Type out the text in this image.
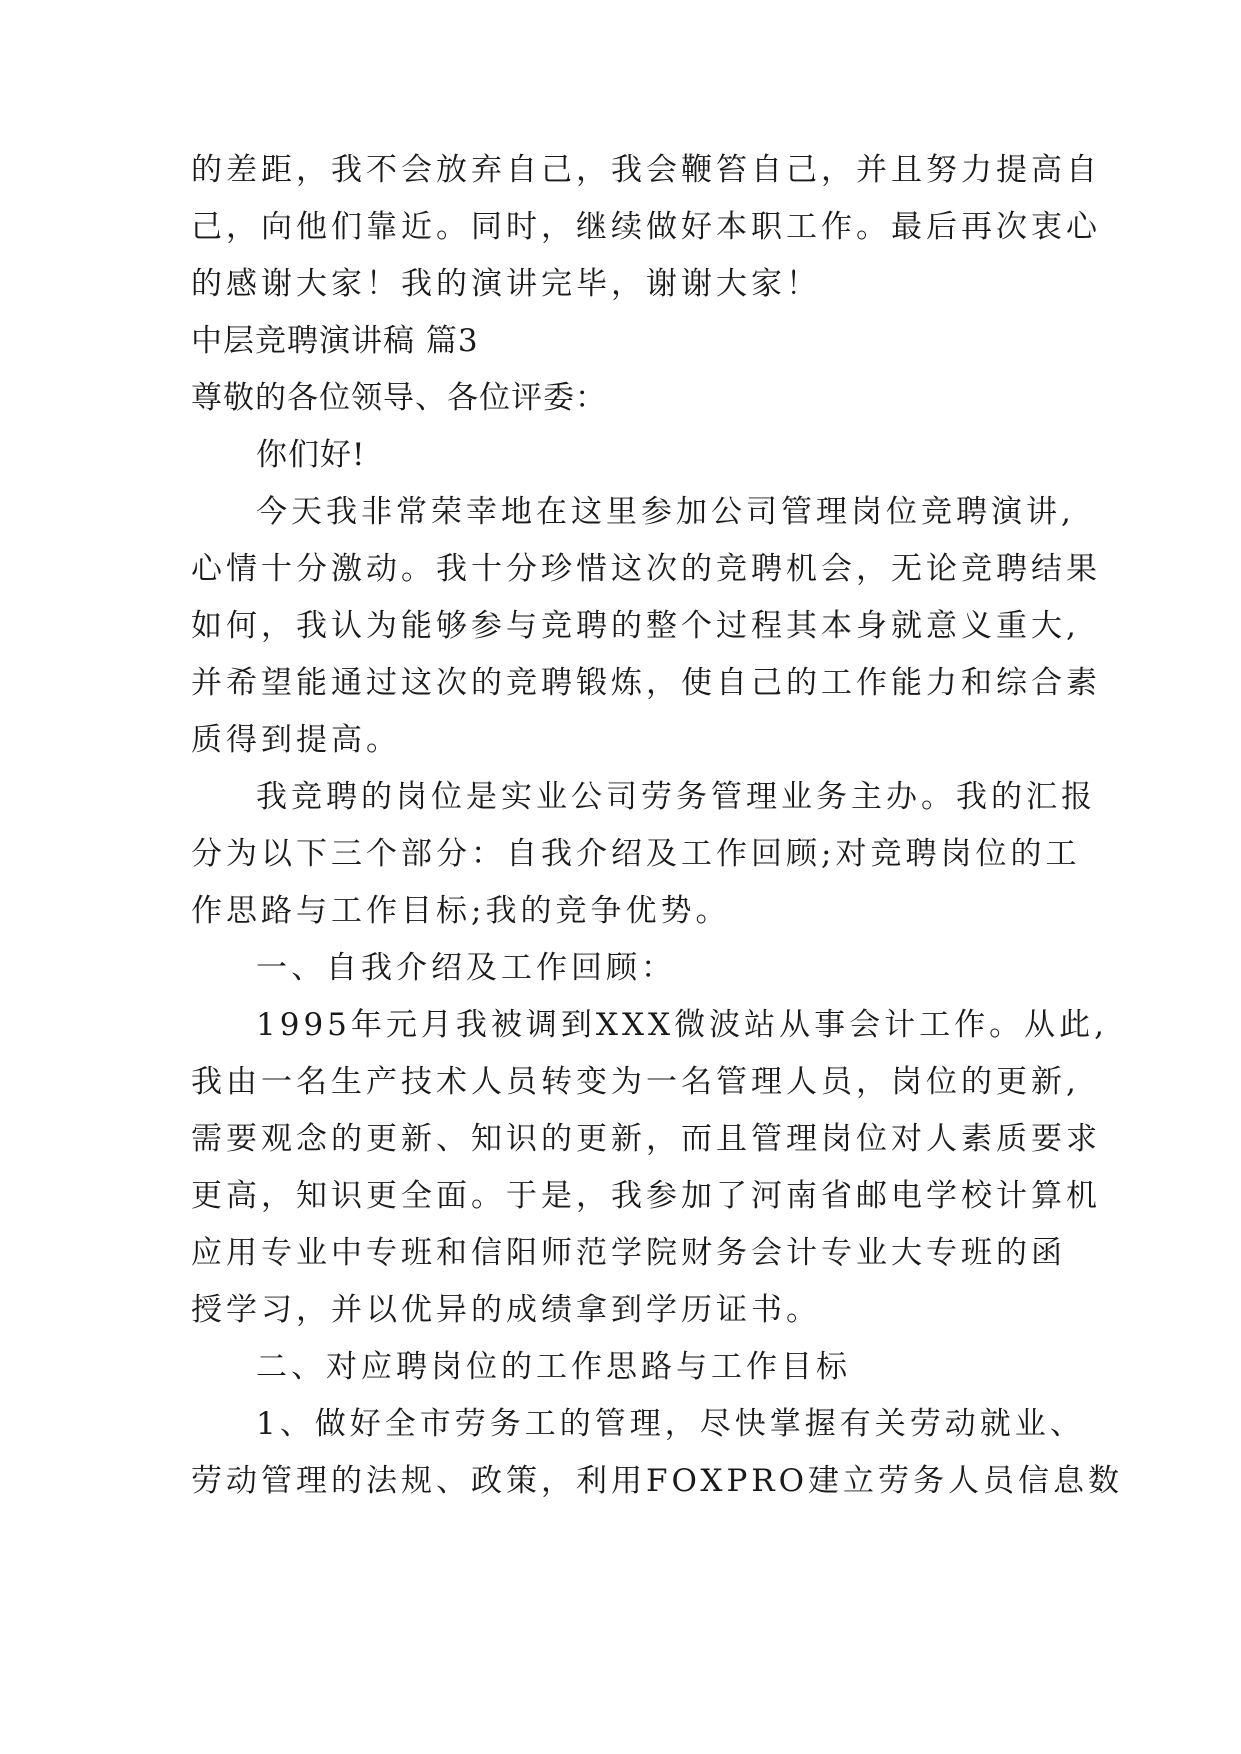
的差距，我不会放弃自己，我会鞭笞自己，并且努力提高自
己，向他们靠近。同时，继续做好本职工作。最后再次衷心
的感谢大家！我的演讲完毕，谢谢大家！
中层竞聘演讲稿 篇3
尊敬的各位领导、各位评委：
你们好!
今天我非常荣幸地在这里参加公司管理岗位竞聘演讲,
心情十分激动。我十分珍惜这次的竞聘机会，无论竞聘结果
如何，我认为能够参与竞聘的整个过程其本身就意义重大,
并希望能通过这次的竞聘锻炼，使自己的工作能力和综合素
质得到提高。
我竞聘的岗位是实业公司劳务管理业务主办。我的汇报
分为以下三个部分：自我介绍及工作回顾;对竞聘岗位的工
作思路与工作目标;我的竞争优势。
一、自我介绍及工作回顾：
1995年元月我被调到XXX微波站从事会计工作。从此,
我由一名生产技术人员转变为一名管理人员，岗位的更新,
需要观念的更新、知识的更新，而且管理岗位对人素质要求
更高，知识更全面。于是，我参加了河南省邮电学校计算机
应用专业中专班和信阳师范学院财务会计专业大专班的函
授学习，并以优异的成绩拿到学历证书。
二、对应聘岗位的工作思路与工作目标
1、做好全市劳务工的管理，尽快掌握有关劳动就业、
劳动管理的法规、政策，利用FOXPRO建立劳务人员信息数
